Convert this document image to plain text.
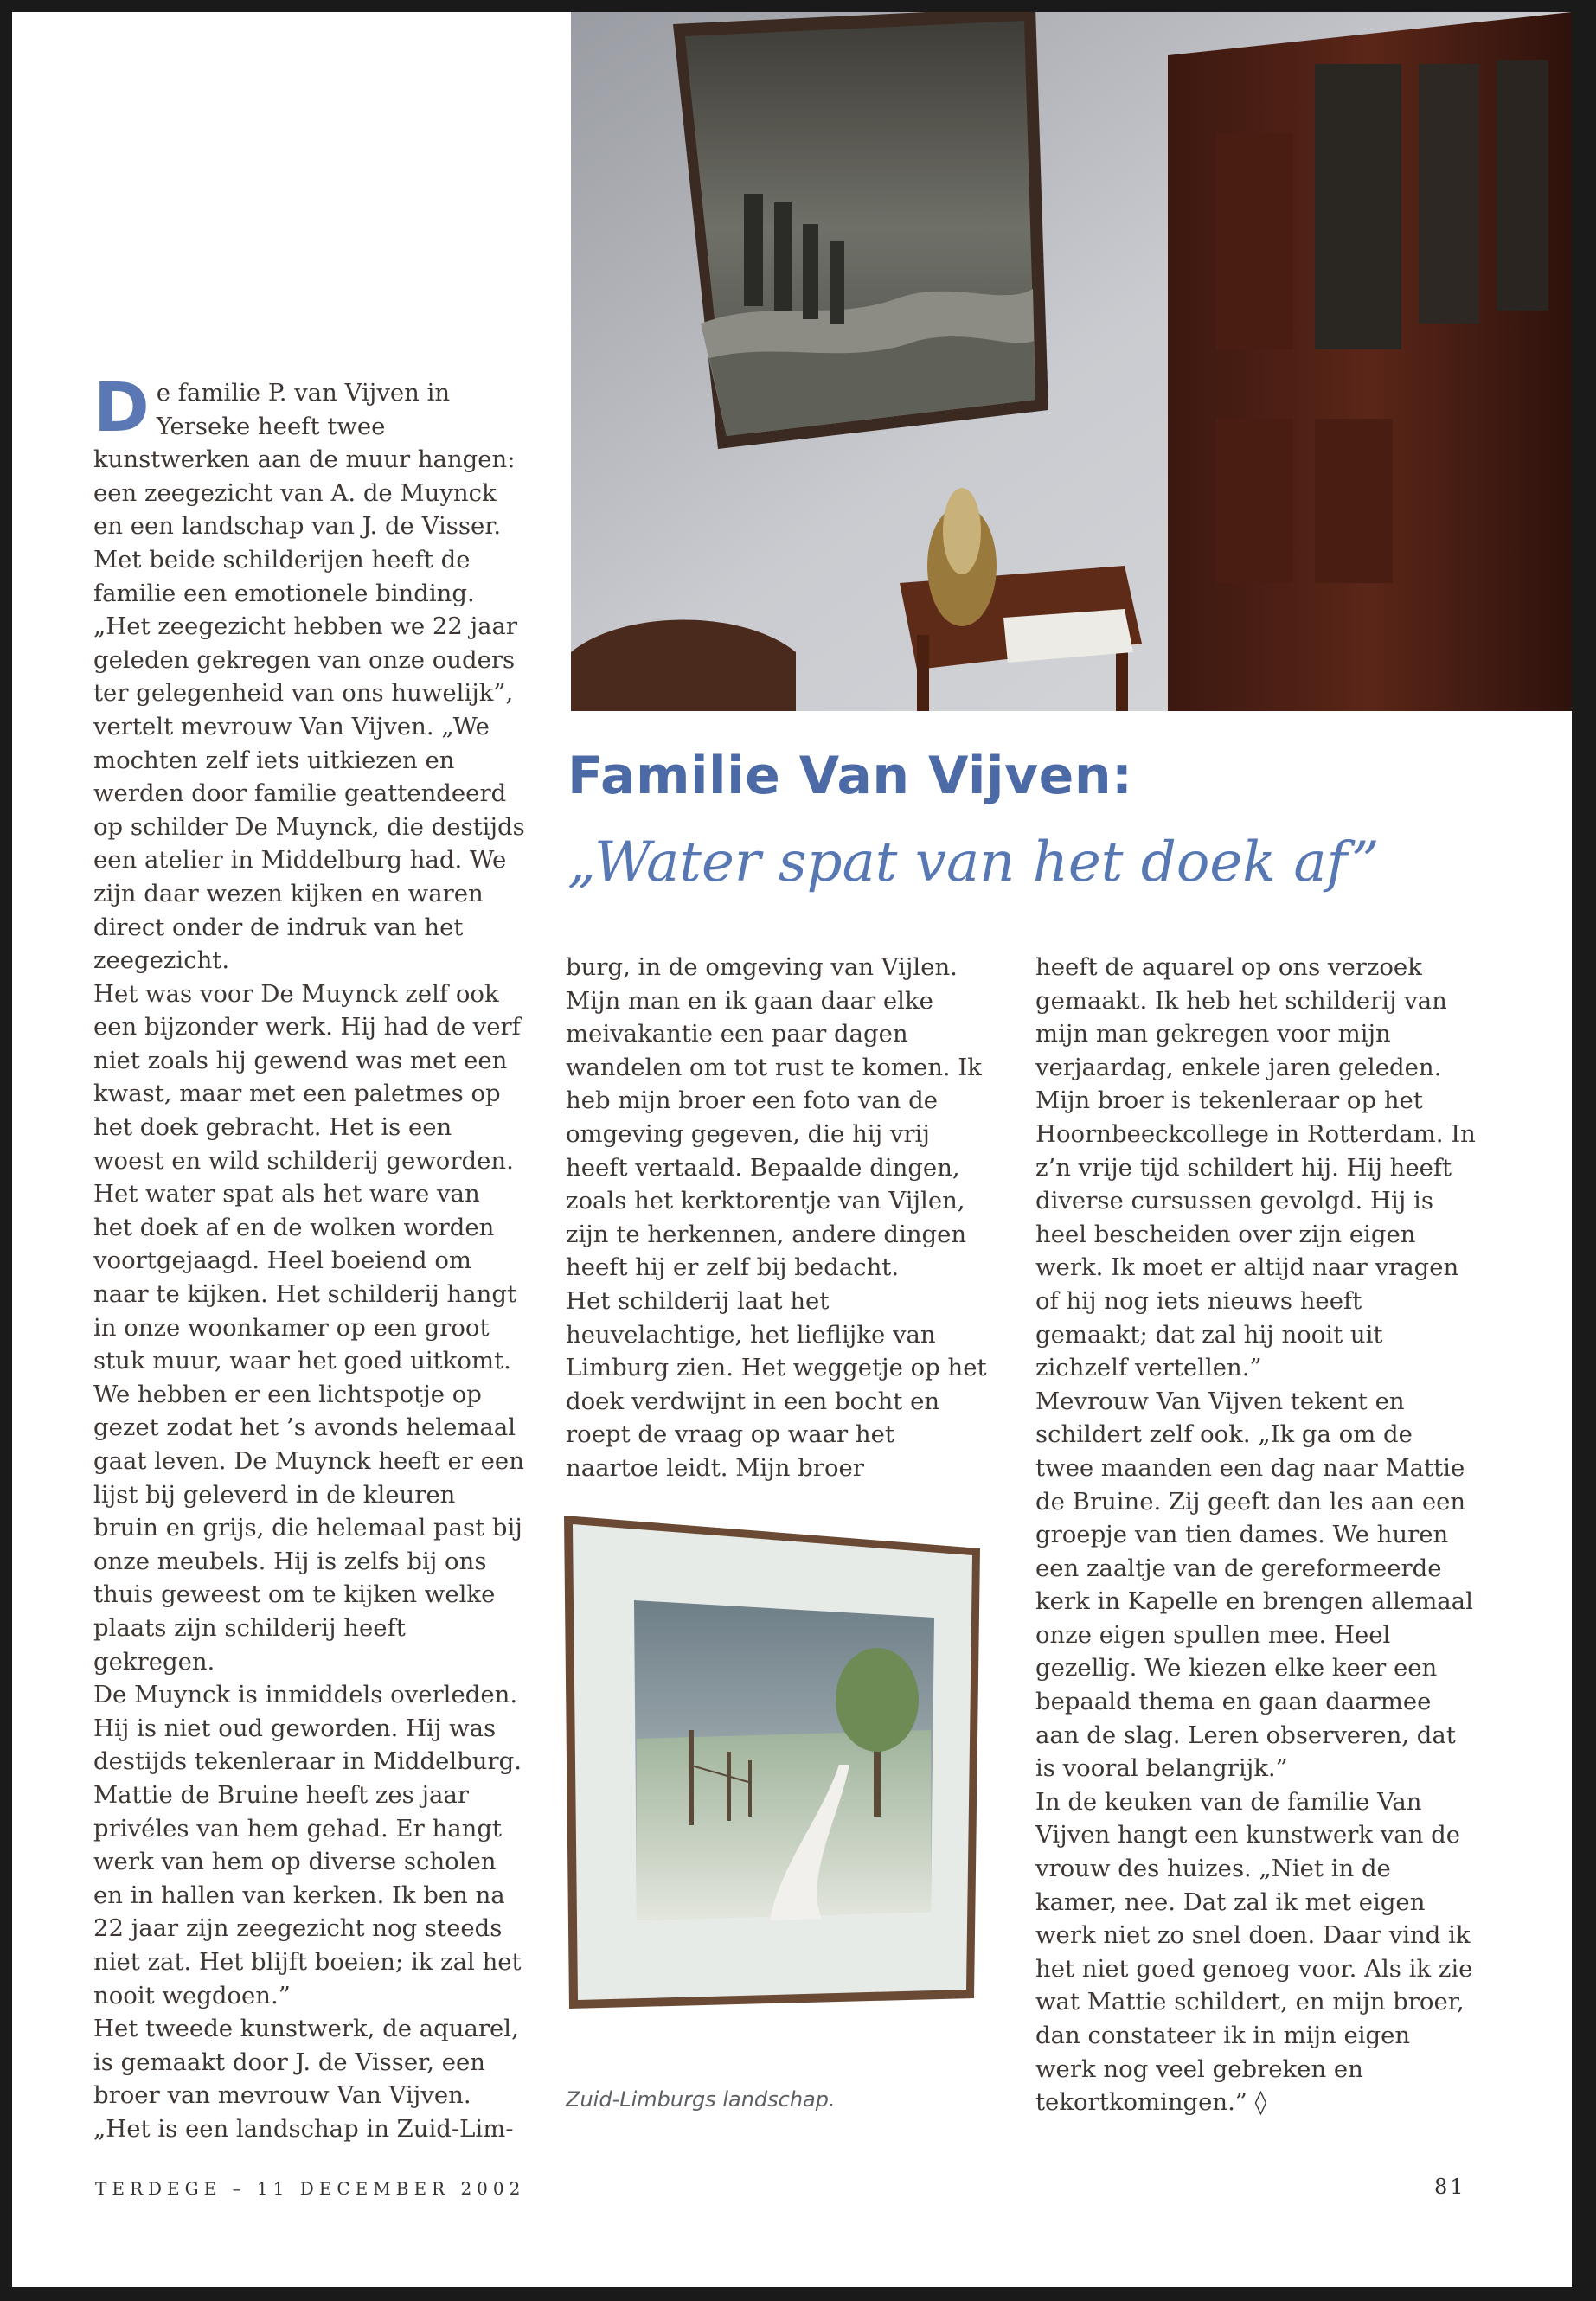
De familie P. van Vijven in Yerseke heeft twee kunstwerken aan de muur hangen: een zeegezicht van A. de Muynck en een landschap van J. de Visser. Met beide schilderijen heeft de familie een emotionele binding.

„Het zeegezicht hebben we 22 jaar geleden gekregen van onze ouders ter gelegenheid van ons huwelijk”, vertelt mevrouw Van Vijven. „We mochten zelf iets uitkiezen en werden door familie geattendeerd op schilder De Muynck, die destijds een atelier in Middelburg had. We zijn daar wezen kijken en waren direct onder de indruk van het zeegezicht.

Het was voor De Muynck zelf ook een bijzonder werk. Hij had de verf niet zoals hij gewend was met een kwast, maar met een paletmes op het doek gebracht. Het is een woest en wild schilderij geworden. Het water spat als het ware van het doek af en de wolken worden voortgejaagd. Heel boeiend om naar te kijken. Het schilderij hangt in onze woonkamer op een groot stuk muur, waar het goed uitkomt. We hebben er een lichtspotje op gezet zodat het ’s avonds helemaal gaat leven. De Muynck heeft er een lijst bij geleverd in de kleuren bruin en grijs, die helemaal past bij onze meubels. Hij is zelfs bij ons thuis geweest om te kijken welke plaats zijn schilderij heeft gekregen.

De Muynck is inmiddels overleden. Hij is niet oud geworden. Hij was destijds tekenleraar in Middelburg. Mattie de Bruine heeft zes jaar privéles van hem gehad. Er hangt werk van hem op diverse scholen en in hallen van kerken. Ik ben na 22 jaar zijn zeegezicht nog steeds niet zat. Het blijft boeien; ik zal het nooit wegdoen.”

Het tweede kunstwerk, de aquarel, is gemaakt door J. de Visser, een broer van mevrouw Van Vijven.

„Het is een landschap in Zuid-Lim-

Familie Van Vijven:
„Water spat van het doek af”

burg, in de omgeving van Vijlen. Mijn man en ik gaan daar elke meivakantie een paar dagen wandelen om tot rust te komen. Ik heb mijn broer een foto van de omgeving gegeven, die hij vrij heeft vertaald. Bepaalde dingen, zoals het kerktorentje van Vijlen, zijn te herkennen, andere dingen heeft hij er zelf bij bedacht.

Het schilderij laat het heuvelachtige, het lieflijke van Limburg zien. Het weggetje op het doek verdwijnt in een bocht en roept de vraag op waar het naartoe leidt. Mijn broer

Zuid-Limburgs landschap.

heeft de aquarel op ons verzoek gemaakt. Ik heb het schilderij van mijn man gekregen voor mijn verjaardag, enkele jaren geleden.

Mijn broer is tekenleraar op het Hoornbeeckcollege in Rotterdam. In z’n vrije tijd schildert hij. Hij heeft diverse cursussen gevolgd. Hij is heel bescheiden over zijn eigen werk. Ik moet er altijd naar vragen of hij nog iets nieuws heeft gemaakt; dat zal hij nooit uit zichzelf vertellen.”

Mevrouw Van Vijven tekent en schildert zelf ook. „Ik ga om de twee maanden een dag naar Mattie de Bruine. Zij geeft dan les aan een groepje van tien dames. We huren een zaaltje van de gereformeerde kerk in Kapelle en brengen allemaal onze eigen spullen mee. Heel gezellig. We kiezen elke keer een bepaald thema en gaan daarmee aan de slag. Leren observeren, dat is vooral belangrijk.”

In de keuken van de familie Van Vijven hangt een kunstwerk van de vrouw des huizes. „Niet in de kamer, nee. Dat zal ik met eigen werk niet zo snel doen. Daar vind ik het niet goed genoeg voor. Als ik zie wat Mattie schildert, en mijn broer, dan constateer ik in mijn eigen werk nog veel gebreken en tekortkomingen.” ◊

TERDEGE – 11 DECEMBER 2002	81
